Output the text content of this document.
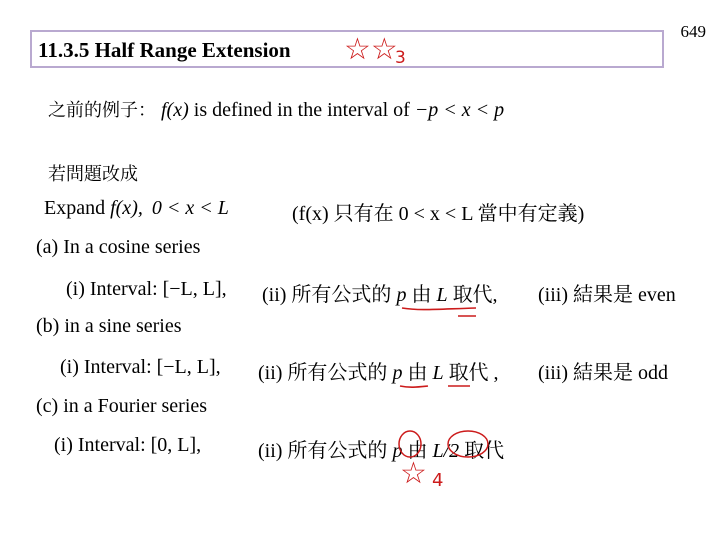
11.3.5 Half Range Extension
649
☆☆
3
之前的例子： f(x) is defined in the interval of −p < x < p
若問題改成
Expand f(x), 0 < x < L	(f(x) 只有在 0 < x < L 當中有定義)
(a) In a cosine series
(i) Interval: [−L, L], (ii) 所有公式的 p 由 L 取代, (iii) 結果是 even
(b) in a sine series
(i) Interval: [−L, L], (ii) 所有公式的 p 由 L 取代 , (iii) 結果是 odd
(c) in a Fourier series
(i) Interval: [0, L],	(ii) 所有公式的 p 由 L/2 取代
☆ 4
